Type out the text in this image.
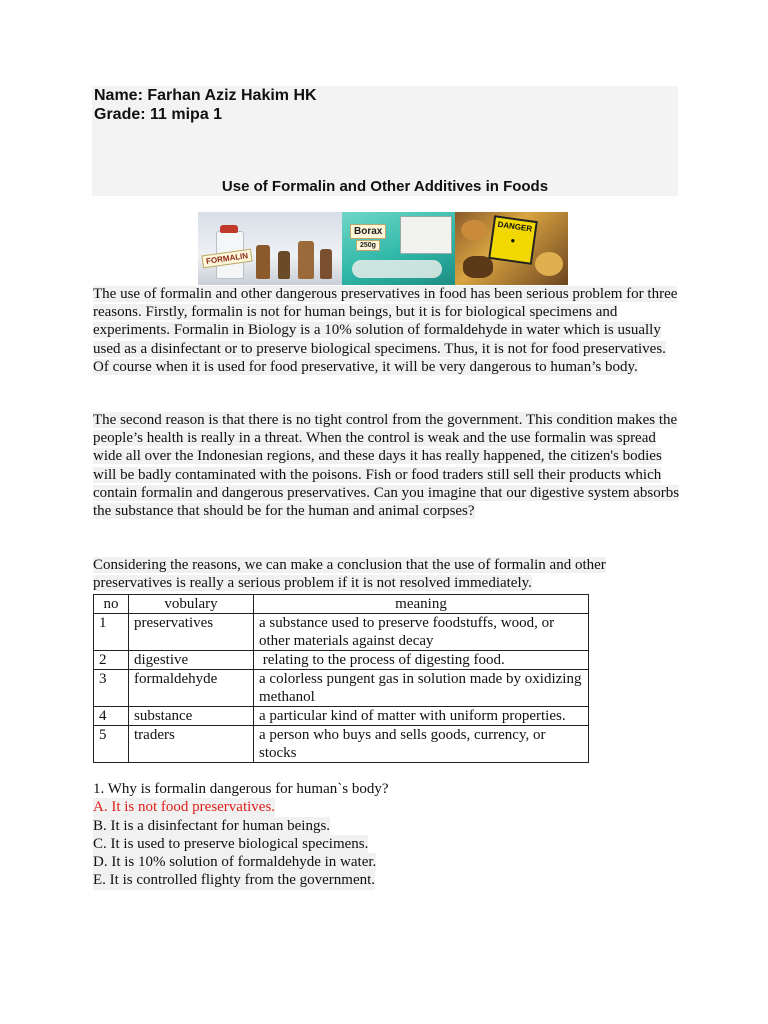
Name: Farhan Aziz Hakim HK
Grade: 11 mipa 1
Use of Formalin and Other Additives in Foods
FORMALIN
Borax
250g
DANGER
●

The use of formalin and other dangerous preservatives in food has been serious problem for three reasons. Firstly, formalin is not for human beings, but it is for biological specimens and experiments. Formalin in Biology is a 10% solution of formaldehyde in water which is usually used as a disinfectant or to preserve biological specimens. Thus, it is not for food preservatives. Of course when it is used for food preservative, it will be very dangerous to human’s body.

The second reason is that there is no tight control from the government. This condition makes the people’s health is really in a threat. When the control is weak and the use formalin was spread wide all over the Indonesian regions, and these days it has really happened, the citizen's bodies will be badly contaminated with the poisons. Fish or food traders still sell their products which contain formalin and dangerous preservatives. Can you imagine that our digestive system absorbs the substance that should be for the human and animal corpses?

Considering the reasons, we can make a conclusion that the use of formalin and other preservatives is really a serious problem if it is not resolved immediately.

no	vobulary	meaning
1	preservatives	a substance used to preserve foodstuffs, wood, or other materials against decay
2	digestive	relating to the process of digesting food.
3	formaldehyde	a colorless pungent gas in solution made by oxidizing methanol
4	substance	a particular kind of matter with uniform properties.
5	traders	a person who buys and sells goods, currency, or stocks
1. Why is formalin dangerous for human`s body?
A. It is not food preservatives.
B. It is a disinfectant for human beings.
C. It is used to preserve biological specimens.
D. It is 10% solution of formaldehyde in water.
E. It is controlled flighty from the government.
